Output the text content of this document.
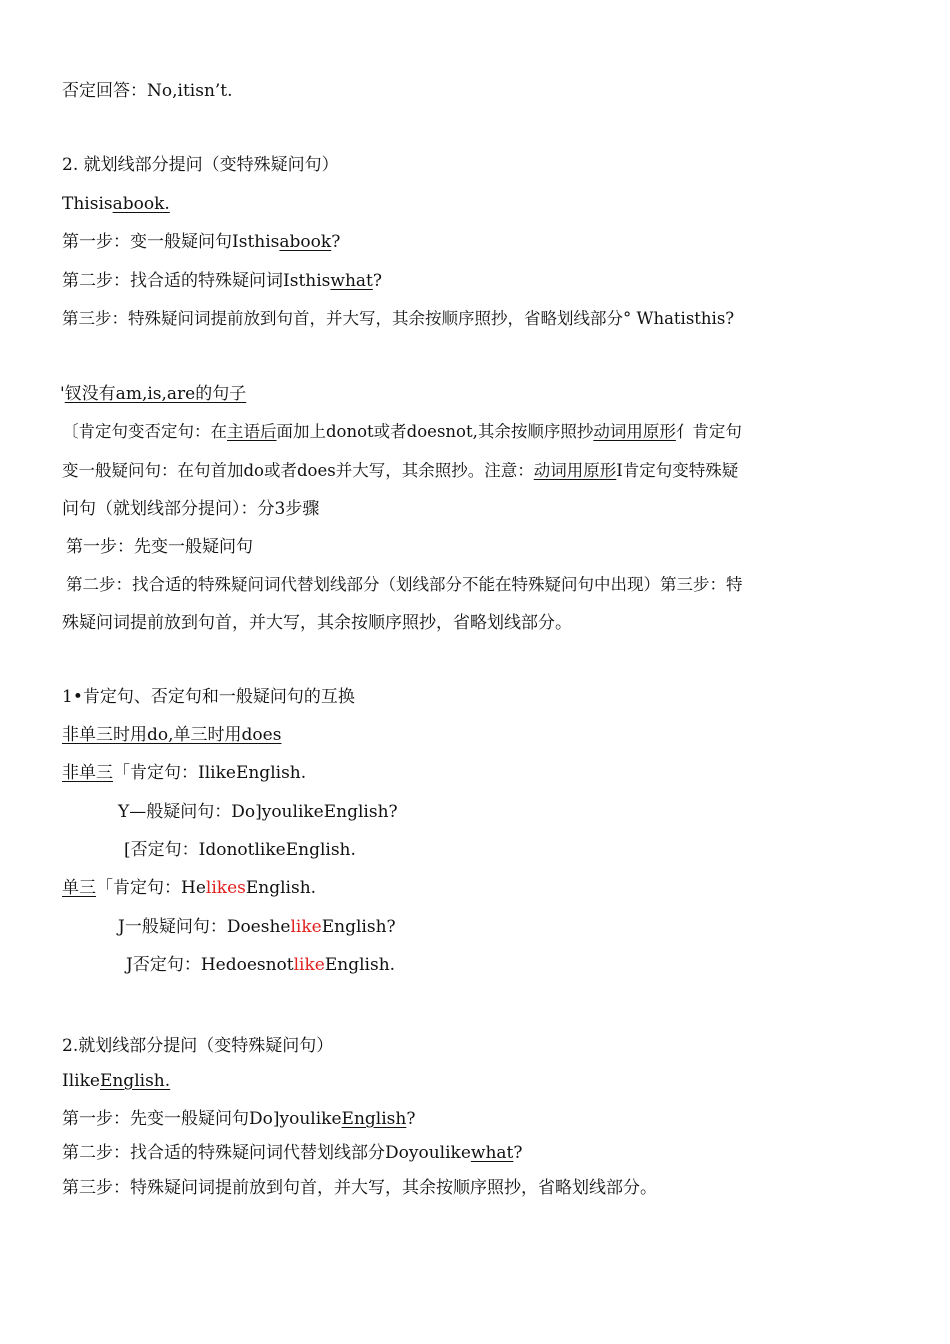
否定回答：No,itisn’t.
2. 就划线部分提问（变特殊疑问句）
Thisisabook.
第一步：变一般疑问句Isthisabook?
第二步：找合适的特殊疑问词Isthiswhat?
第三步：特殊疑问词提前放到句首，并大写，其余按顺序照抄，省略划线部分° Whatisthis?
'钗没有am,is,are的句子
〔肯定句变否定句：在主语后面加上donot或者doesnot,其余按顺序照抄动词用原形亻肯定句
变一般疑问句：在句首加do或者does并大写，其余照抄。注意：动词用原形I肯定句变特殊疑
问句（就划线部分提问）：分3步骤
第一步：先变一般疑问句
第二步：找合适的特殊疑问词代替划线部分（划线部分不能在特殊疑问句中出现）第三步：特
殊疑问词提前放到句首，并大写，其余按顺序照抄，省略划线部分。
1•肯定句、否定句和一般疑问句的互换
非单三时用do,单三时用does
非单三「肯定句：IlikeEnglish.
Y—般疑问句：Do]youlikeEnglish?
[否定句：IdonotlikeEnglish.
单三「肯定句：HelikesEnglish.
J一般疑问句：DoeshelikeEnglish?
J否定句：HedoesnotlikeEnglish.
2.就划线部分提问（变特殊疑问句）
IlikeEnglish.
第一步：先变一般疑问句Do]youlikeEnglish?
第二步：找合适的特殊疑问词代替划线部分Doyoulikewhat?
第三步：特殊疑问词提前放到句首，并大写，其余按顺序照抄，省略划线部分。
